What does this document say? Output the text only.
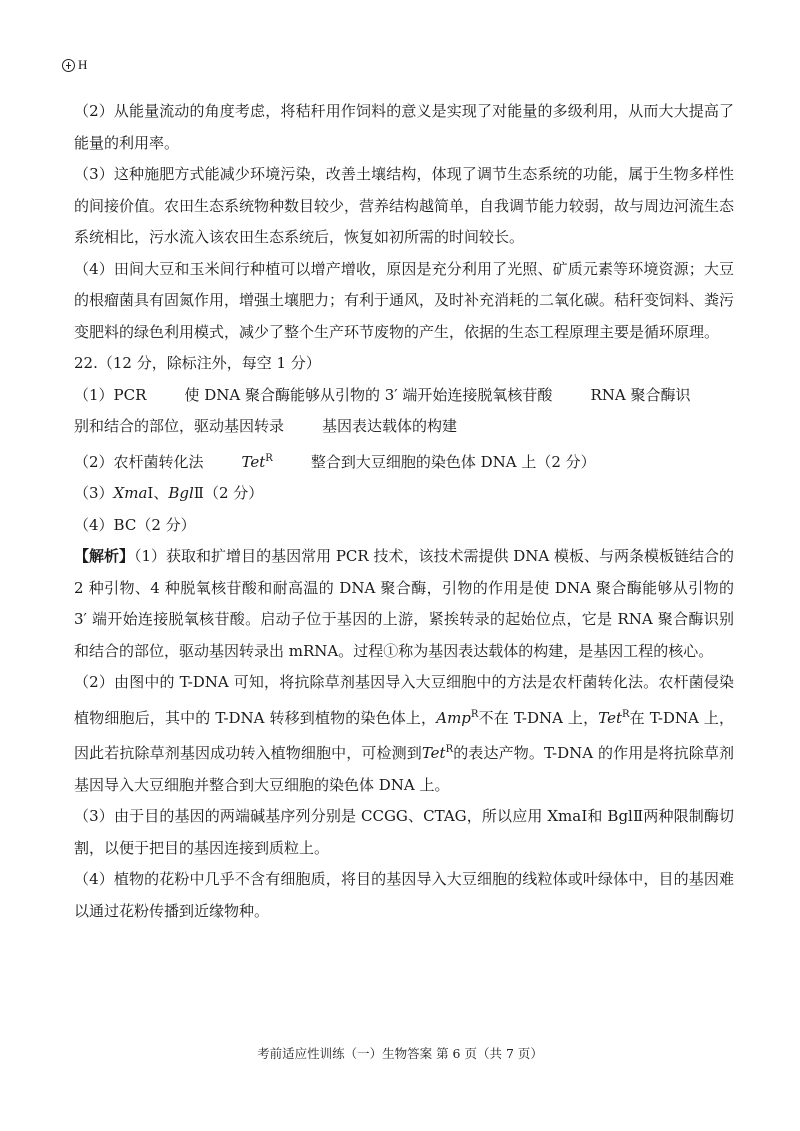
H

（2）从能量流动的角度考虑，将秸秆用作饲料的意义是实现了对能量的多级利用，从而大大提高了能量的利用率。

（3）这种施肥方式能减少环境污染，改善土壤结构，体现了调节生态系统的功能，属于生物多样性的间接价值。农田生态系统物种数目较少，营养结构越简单，自我调节能力较弱，故与周边河流生态系统相比，污水流入该农田生态系统后，恢复如初所需的时间较长。

（4）田间大豆和玉米间行种植可以增产增收，原因是充分利用了光照、矿质元素等环境资源；大豆的根瘤菌具有固氮作用，增强土壤肥力；有利于通风，及时补充消耗的二氧化碳。秸秆变饲料、粪污变肥料的绿色利用模式，减少了整个生产环节废物的产生，依据的生态工程原理主要是循环原理。

22.（12 分，除标注外，每空 1 分）

（1）PCR	使 DNA 聚合酶能够从引物的 3′ 端开始连接脱氧核苷酸	RNA 聚合酶识

别和结合的部位，驱动基因转录	基因表达载体的构建

（2）农杆菌转化法	Tet$^R$	整合到大豆细胞的染色体 DNA 上（2 分）

（3）XmaⅠ、BglⅡ（2 分）

（4）BC（2 分）

【解析】（1）获取和扩增目的基因常用 PCR 技术，该技术需提供 DNA 模板、与两条模板链结合的 2 种引物、4 种脱氧核苷酸和耐高温的 DNA 聚合酶，引物的作用是使 DNA 聚合酶能够从引物的 3′ 端开始连接脱氧核苷酸。启动子位于基因的上游，紧挨转录的起始位点，它是 RNA 聚合酶识别和结合的部位，驱动基因转录出 mRNA。过程①称为基因表达载体的构建，是基因工程的核心。

（2）由图中的 T-DNA 可知，将抗除草剂基因导入大豆细胞中的方法是农杆菌转化法。农杆菌侵染植物细胞后，其中的 T-DNA 转移到植物的染色体上，Amp$^R$不在 T-DNA 上，Tet$^R$在 T-DNA 上，因此若抗除草剂基因成功转入植物细胞中，可检测到Tet$^R$的表达产物。T-DNA 的作用是将抗除草剂基因导入大豆细胞并整合到大豆细胞的染色体 DNA 上。

（3）由于目的基因的两端碱基序列分别是 CCGG、CTAG，所以应用 XmaⅠ和 BglⅡ两种限制酶切割，以便于把目的基因连接到质粒上。

（4）植物的花粉中几乎不含有细胞质，将目的基因导入大豆细胞的线粒体或叶绿体中，目的基因难以通过花粉传播到近缘物种。

考前适应性训练（一）生物答案 第 6 页（共 7 页）
